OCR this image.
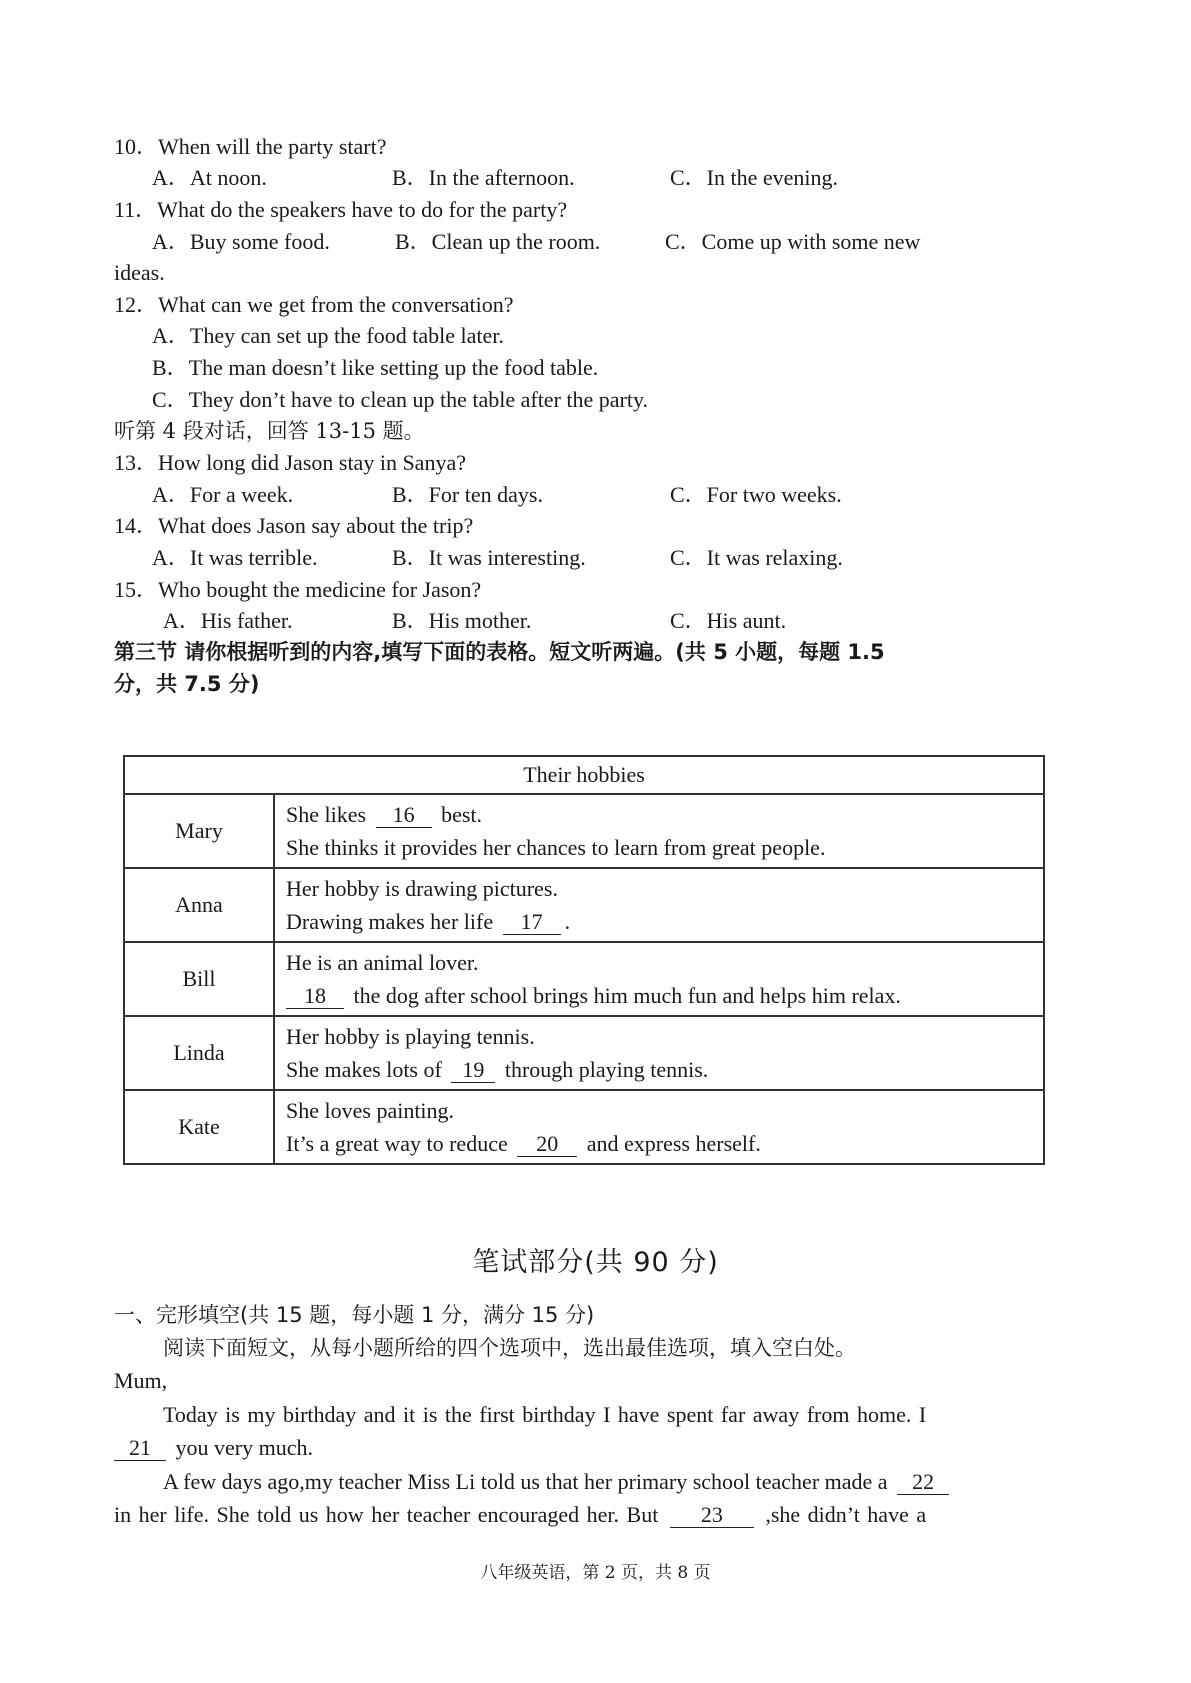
10．When will the party start?
A．At noon.	B．In the afternoon.	C．In the evening.
11．What do the speakers have to do for the party?
A．Buy some food.	B．Clean up the room.	C．Come up with some new
ideas.
12．What can we get from the conversation?
A．They can set up the food table later.
B．The man doesn’t like setting up the food table.
C．They don’t have to clean up the table after the party.
听第 4 段对话，回答 13-15 题。
13．How long did Jason stay in Sanya?
A．For a week.	B．For ten days.	C．For two weeks.
14．What does Jason say about the trip?
A．It was terrible.	B．It was interesting.	C．It was relaxing.
15．Who bought the medicine for Jason?
A．His father.	B．His mother.	C．His aunt.
第三节 请你根据听到的内容,填写下面的表格。短文听两遍。(共 5 小题，每题 1.5
分，共 7.5 分)
Their hobbies	
Mary	She likes 16 best.
She thinks it provides her chances to learn from great people.

Anna	Her hobby is drawing pictures.
Drawing makes her life 17 .

Bill	He is an animal lover.
18 the dog after school brings him much fun and helps him relax.

Linda	Her hobby is playing tennis.
She makes lots of 19 through playing tennis.

Kate	She loves painting.
It’s a great way to reduce 20 and express herself.
笔试部分(共 90 分)
一、完形填空(共 15 题，每小题 1 分，满分 15 分)
阅读下面短文，从每小题所给的四个选项中，选出最佳选项，填入空白处。
Mum,
Today is my birthday and it is the first birthday I have spent far away from home. I
21 you very much.
A few days ago,my teacher Miss Li told us that her primary school teacher made a 22
in her life. She told us how her teacher encouraged her. But 23 ,she didn’t have a
八年级英语，第 2 页，共 8 页
